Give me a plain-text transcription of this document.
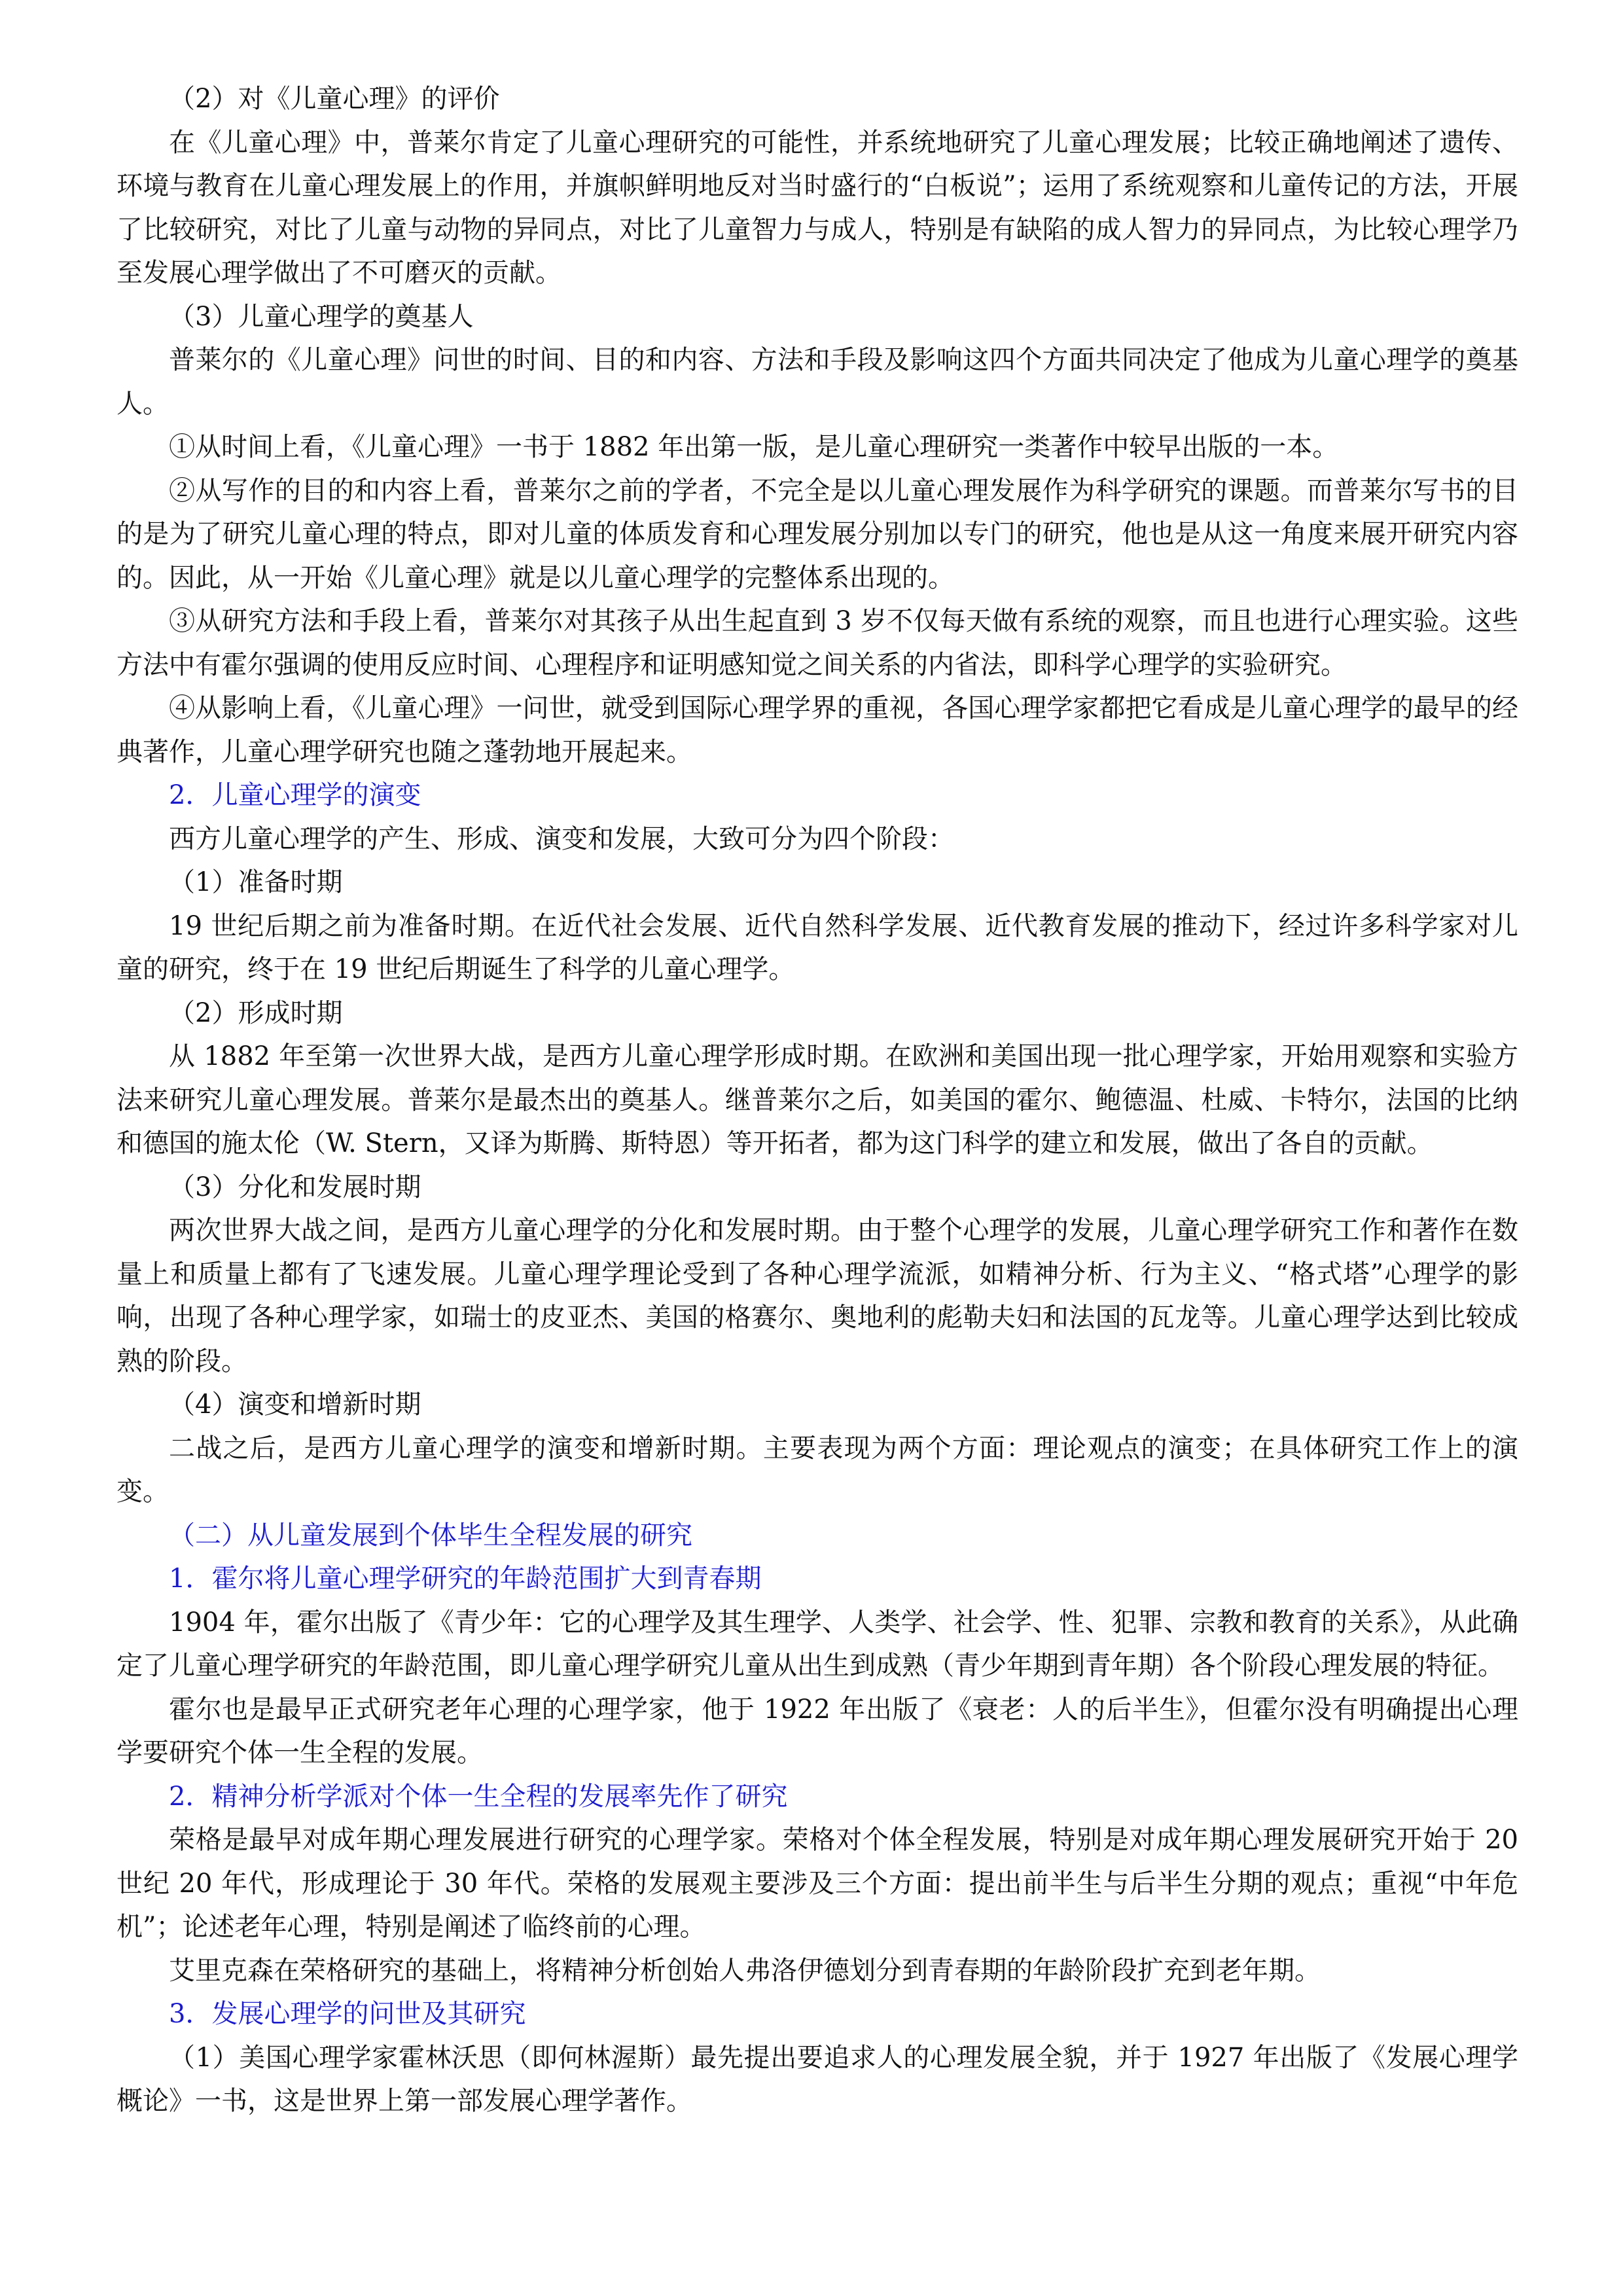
（2）对《儿童心理》的评价

在《儿童心理》中，普莱尔肯定了儿童心理研究的可能性，并系统地研究了儿童心理发展；比较正确地阐述了遗传、环境与教育在儿童心理发展上的作用，并旗帜鲜明地反对当时盛行的“白板说”；运用了系统观察和儿童传记的方法，开展了比较研究，对比了儿童与动物的异同点，对比了儿童智力与成人，特别是有缺陷的成人智力的异同点，为比较心理学乃至发展心理学做出了不可磨灭的贡献。

（3）儿童心理学的奠基人

普莱尔的《儿童心理》问世的时间、目的和内容、方法和手段及影响这四个方面共同决定了他成为儿童心理学的奠基人。

①从时间上看，《儿童心理》一书于 1882 年出第一版，是儿童心理研究一类著作中较早出版的一本。

②从写作的目的和内容上看，普莱尔之前的学者，不完全是以儿童心理发展作为科学研究的课题。而普莱尔写书的目的是为了研究儿童心理的特点，即对儿童的体质发育和心理发展分别加以专门的研究，他也是从这一角度来展开研究内容的。因此，从一开始《儿童心理》就是以儿童心理学的完整体系出现的。

③从研究方法和手段上看，普莱尔对其孩子从出生起直到 3 岁不仅每天做有系统的观察，而且也进行心理实验。这些方法中有霍尔强调的使用反应时间、心理程序和证明感知觉之间关系的内省法，即科学心理学的实验研究。

④从影响上看，《儿童心理》一问世，就受到国际心理学界的重视，各国心理学家都把它看成是儿童心理学的最早的经典著作，儿童心理学研究也随之蓬勃地开展起来。

2．儿童心理学的演变

西方儿童心理学的产生、形成、演变和发展，大致可分为四个阶段：

（1）准备时期

19 世纪后期之前为准备时期。在近代社会发展、近代自然科学发展、近代教育发展的推动下，经过许多科学家对儿童的研究，终于在 19 世纪后期诞生了科学的儿童心理学。

（2）形成时期

从 1882 年至第一次世界大战，是西方儿童心理学形成时期。在欧洲和美国出现一批心理学家，开始用观察和实验方法来研究儿童心理发展。普莱尔是最杰出的奠基人。继普莱尔之后，如美国的霍尔、鲍德温、杜威、卡特尔，法国的比纳和德国的施太伦（W. Stern，又译为斯腾、斯特恩）等开拓者，都为这门科学的建立和发展，做出了各自的贡献。

（3）分化和发展时期

两次世界大战之间，是西方儿童心理学的分化和发展时期。由于整个心理学的发展，儿童心理学研究工作和著作在数量上和质量上都有了飞速发展。儿童心理学理论受到了各种心理学流派，如精神分析、行为主义、“格式塔”心理学的影响，出现了各种心理学家，如瑞士的皮亚杰、美国的格赛尔、奥地利的彪勒夫妇和法国的瓦龙等。儿童心理学达到比较成熟的阶段。

（4）演变和增新时期

二战之后，是西方儿童心理学的演变和增新时期。主要表现为两个方面：理论观点的演变；在具体研究工作上的演变。

（二）从儿童发展到个体毕生全程发展的研究

1．霍尔将儿童心理学研究的年龄范围扩大到青春期

1904 年，霍尔出版了《青少年：它的心理学及其生理学、人类学、社会学、性、犯罪、宗教和教育的关系》，从此确定了儿童心理学研究的年龄范围，即儿童心理学研究儿童从出生到成熟（青少年期到青年期）各个阶段心理发展的特征。

霍尔也是最早正式研究老年心理的心理学家，他于 1922 年出版了《衰老：人的后半生》，但霍尔没有明确提出心理学要研究个体一生全程的发展。

2．精神分析学派对个体一生全程的发展率先作了研究

荣格是最早对成年期心理发展进行研究的心理学家。荣格对个体全程发展，特别是对成年期心理发展研究开始于 20 世纪 20 年代，形成理论于 30 年代。荣格的发展观主要涉及三个方面：提出前半生与后半生分期的观点；重视“中年危机”；论述老年心理，特别是阐述了临终前的心理。

艾里克森在荣格研究的基础上，将精神分析创始人弗洛伊德划分到青春期的年龄阶段扩充到老年期。

3．发展心理学的问世及其研究

（1）美国心理学家霍林沃思（即何林渥斯）最先提出要追求人的心理发展全貌，并于 1927 年出版了《发展心理学概论》一书，这是世界上第一部发展心理学著作。
